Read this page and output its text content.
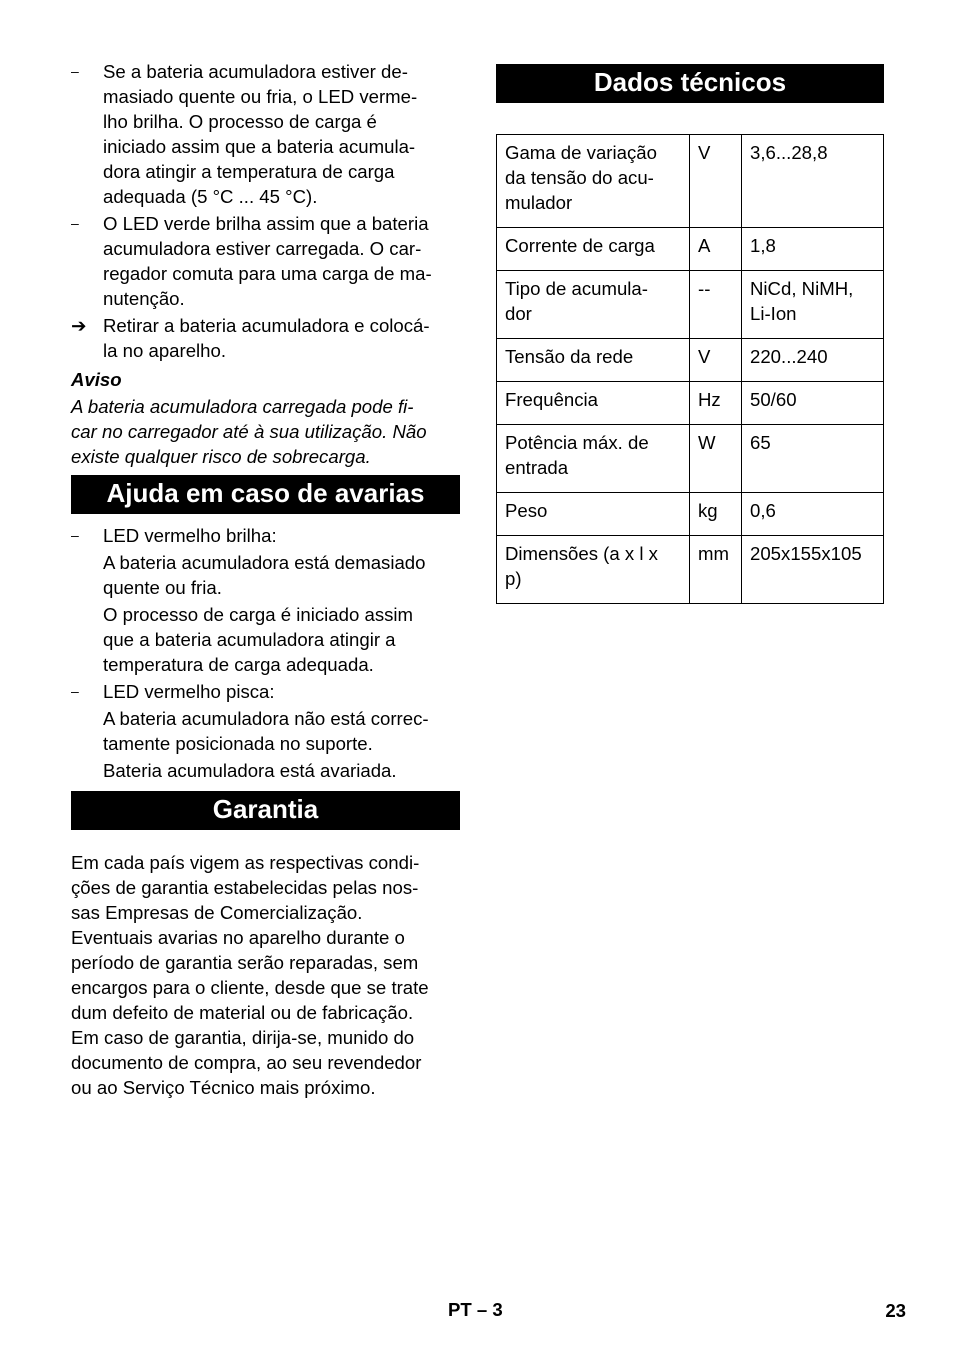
–	Se a bateria acumuladora estiver de-
masiado quente ou fria, o LED verme-
lho brilha. O processo de carga é
iniciado assim que a bateria acumula-
dora atingir a temperatura de carga
adequada (5 °C ... 45 °C).

–	O LED verde brilha assim que a bateria
acumuladora estiver carregada. O car-
regador comuta para uma carga de ma-
nutenção.

➔ Retirar a bateria acumuladora e colocá-
la no aparelho.

Aviso
A bateria acumuladora carregada pode fi-
car no carregador até à sua utilização. Não
existe qualquer risco de sobrecarga.
Ajuda em caso de avarias
–	LED vermelho brilha:

A bateria acumuladora está demasiado
quente ou fria.

O processo de carga é iniciado assim
que a bateria acumuladora atingir a
temperatura de carga adequada.

–	LED vermelho pisca:

A bateria acumuladora não está correc-
tamente posicionada no suporte.

Bateria acumuladora está avariada.

Garantia

Em cada país vigem as respectivas condi-
ções de garantia estabelecidas pelas nos-
sas Empresas de Comercialização.
Eventuais avarias no aparelho durante o
período de garantia serão reparadas, sem
encargos para o cliente, desde que se trate
dum defeito de material ou de fabricação.
Em caso de garantia, dirija-se, munido do
documento de compra, ao seu revendedor
ou ao Serviço Técnico mais próximo.

Dados técnicos
Gama de variação
da tensão do acu-
mulador	V	3,6...28,8
Corrente de carga	A	1,8
Tipo de acumula-
dor	--	NiCd, NiMH,
Li-Ion
Tensão da rede	V	220...240
Frequência	Hz	50/60
Potência máx. de
entrada	W	65
Peso	kg	0,6
Dimensões (a x l x
p)	mm	205x155x105
PT – 3	23
